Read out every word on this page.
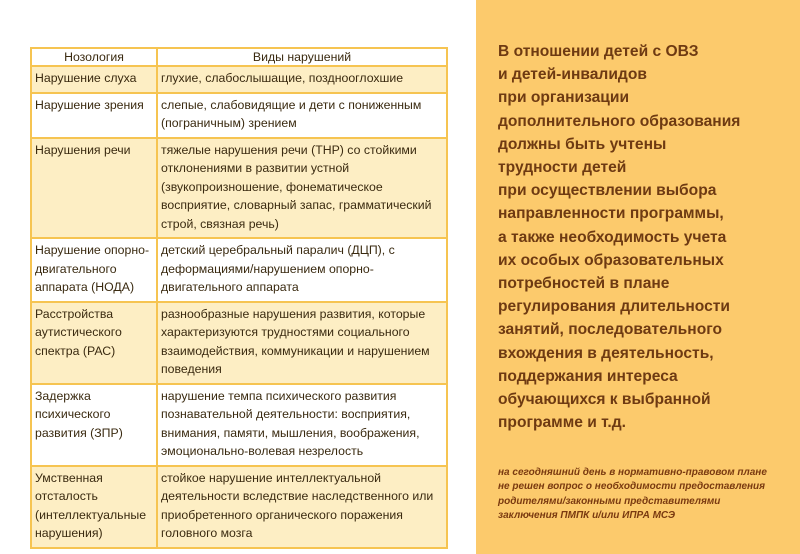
Нозология	Виды нарушений
Нарушение слуха	глухие, слабослышащие, позднооглохшие
Нарушение зрения	слепые, слабовидящие и дети с пониженным (пограничным) зрением
Нарушения речи	тяжелые нарушения речи (ТНР) со стойкими отклонениями в развитии устной (звукопроизношение, фонематическое восприятие, словарный запас, грамматический строй, связная речь)
Нарушение опорно-двигательного аппарата (НОДА)	детский церебральный паралич (ДЦП), с деформациями/нарушением опорно-двигательного аппарата
Расстройства аутистического спектра (РАС)	разнообразные нарушения развития, которые характеризуются трудностями социального взаимодействия, коммуникации и нарушением поведения
Задержка психического развития (ЗПР)	нарушение темпа психического развития познавательной деятельности: восприятия, внимания, памяти, мышления, воображения, эмоционально-волевая незрелость
Умственная отсталость (интеллектуальные нарушения)	стойкое нарушение интеллектуальной деятельности вследствие наследственного или приобретенного органического поражения головного мозга
В отношении детей с ОВЗ
и детей-инвалидов
при организации
дополнительного образования
должны быть учтены
трудности детей
при осуществлении выбора
направленности программы,
а также необходимость учета
их особых образовательных
потребностей в плане
регулирования длительности
занятий, последовательного
вхождения в деятельность,
поддержания интереса
обучающихся к выбранной
программе и т.д.
на сегодняшний день в нормативно-правовом плане
не решен вопрос о необходимости предоставления
родителями/законными представителями
заключения ПМПК и/или ИПРА МСЭ
